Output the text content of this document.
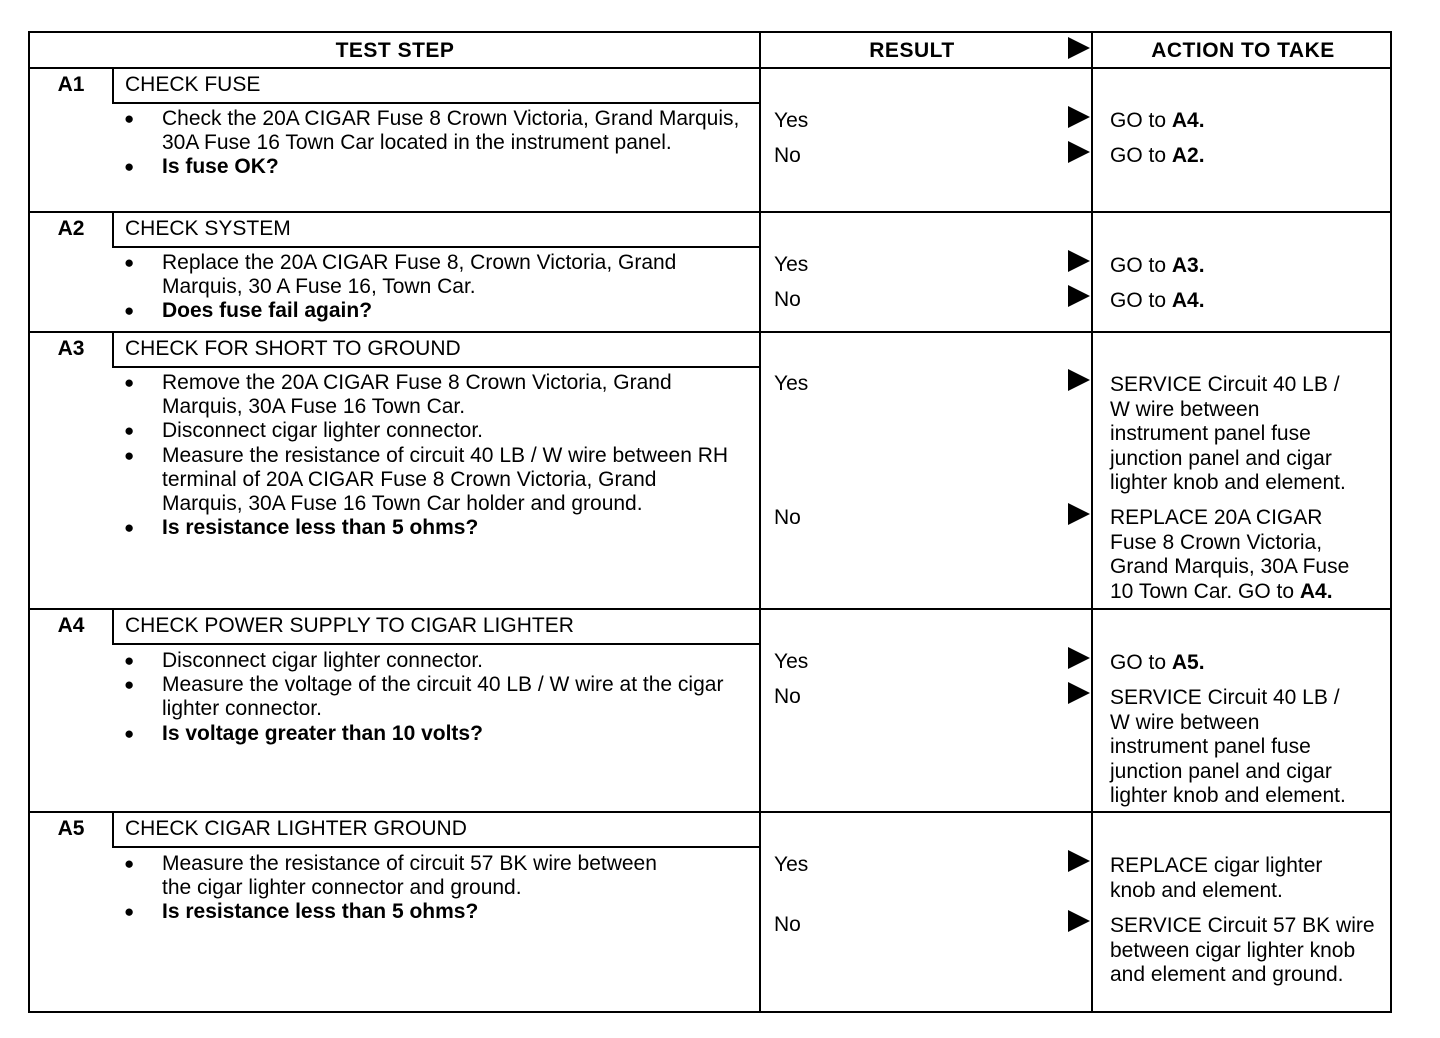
TEST STEP	RESULT	ACTION TO TAKE
A1	CHECK FUSE
● Check the 20A CIGAR Fuse 8 Crown Victoria, Grand Marquis, 30A Fuse 16 Town Car located in the instrument panel.
● Is fuse OK?
Yes	GO to A4.
No	GO to A2.
A2	CHECK SYSTEM
● Replace the 20A CIGAR Fuse 8, Crown Victoria, Grand Marquis, 30 A Fuse 16, Town Car.
● Does fuse fail again?
Yes	GO to A3.
No	GO to A4.
A3	CHECK FOR SHORT TO GROUND
● Remove the 20A CIGAR Fuse 8 Crown Victoria, Grand Marquis, 30A Fuse 16 Town Car.
● Disconnect cigar lighter connector.
● Measure the resistance of circuit 40 LB / W wire between RH terminal of 20A CIGAR Fuse 8 Crown Victoria, Grand Marquis, 30A Fuse 16 Town Car holder and ground.
● Is resistance less than 5 ohms?
Yes	SERVICE Circuit 40 LB / W wire between instrument panel fuse junction panel and cigar lighter knob and element.
No	REPLACE 20A CIGAR Fuse 8 Crown Victoria, Grand Marquis, 30A Fuse 10 Town Car. GO to A4.
A4	CHECK POWER SUPPLY TO CIGAR LIGHTER
● Disconnect cigar lighter connector.
● Measure the voltage of the circuit 40 LB / W wire at the cigar lighter connector.
● Is voltage greater than 10 volts?
Yes	GO to A5.
No	SERVICE Circuit 40 LB / W wire between instrument panel fuse junction panel and cigar lighter knob and element.
A5	CHECK CIGAR LIGHTER GROUND
● Measure the resistance of circuit 57 BK wire between the cigar lighter connector and ground.
● Is resistance less than 5 ohms?
Yes	REPLACE cigar lighter knob and element.
No	SERVICE Circuit 57 BK wire between cigar lighter knob and element and ground.
